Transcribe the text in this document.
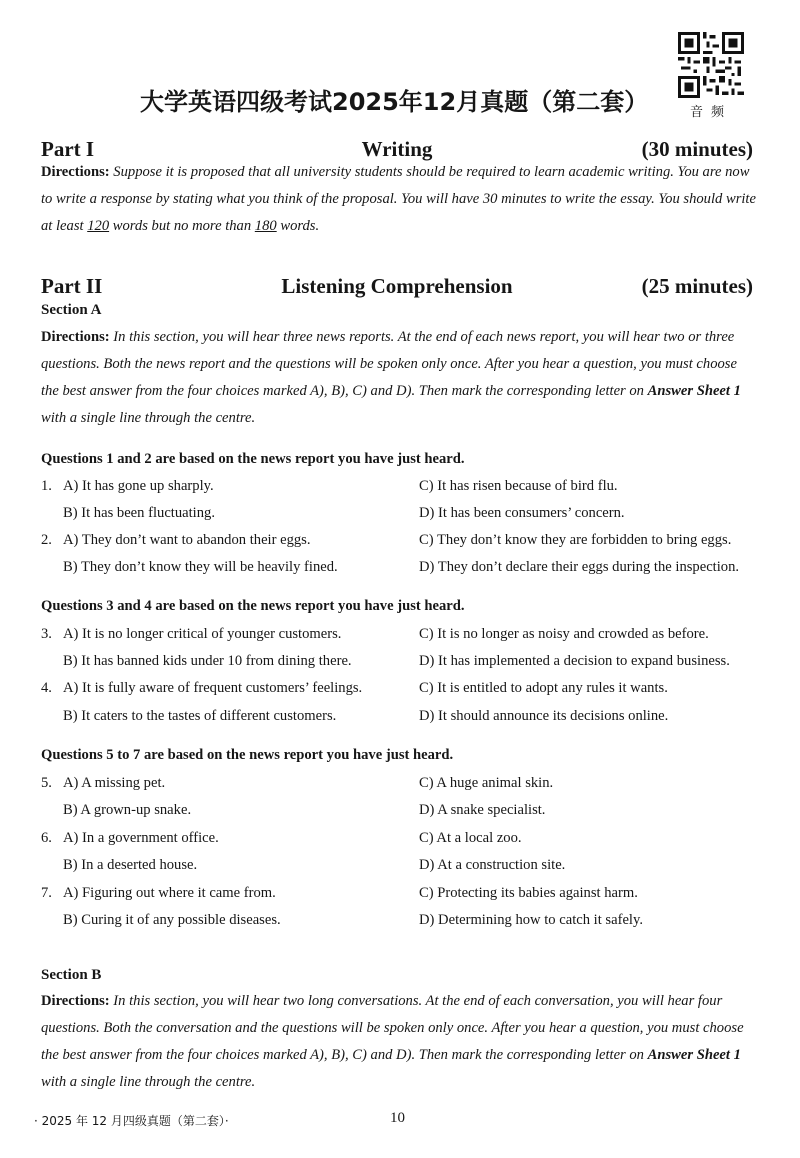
音频
大学英语四级考试2025年12月真题（第二套）
Writing
Part I	(30 minutes)
Directions: Suppose it is proposed that all university students should be required to learn academic writing. You are now to write a response by stating what you think of the proposal. You will have 30 minutes to write the essay. You should write at least 120 words but no more than 180 words.
Listening Comprehension
Part II	(25 minutes)
Section A
Directions: In this section, you will hear three news reports. At the end of each news report, you will hear two or three questions. Both the news report and the questions will be spoken only once. After you hear a question, you must choose the best answer from the four choices marked A), B), C) and D). Then mark the corresponding letter on Answer Sheet 1 with a single line through the centre.
Questions 1 and 2 are based on the news report you have just heard.
1. A) It has gone up sharply.	C) It has risen because of bird flu.
B) It has been fluctuating.	D) It has been consumers’ concern.
2. A) They don’t want to abandon their eggs.	C) They don’t know they are forbidden to bring eggs.
B) They don’t know they will be heavily fined.	D) They don’t declare their eggs during the inspection.
Questions 3 and 4 are based on the news report you have just heard.
3. A) It is no longer critical of younger customers.	C) It is no longer as noisy and crowded as before.
B) It has banned kids under 10 from dining there.	D) It has implemented a decision to expand business.
4. A) It is fully aware of frequent customers’ feelings.	C) It is entitled to adopt any rules it wants.
B) It caters to the tastes of different customers.	D) It should announce its decisions online.
Questions 5 to 7 are based on the news report you have just heard.
5. A) A missing pet.	C) A huge animal skin.
B) A grown-up snake.	D) A snake specialist.
6. A) In a government office.	C) At a local zoo.
B) In a deserted house.	D) At a construction site.
7. A) Figuring out where it came from.	C) Protecting its babies against harm.
B) Curing it of any possible diseases.	D) Determining how to catch it safely.
Section B
Directions: In this section, you will hear two long conversations. At the end of each conversation, you will hear four questions. Both the conversation and the questions will be spoken only once. After you hear a question, you must choose the best answer from the four choices marked A), B), C) and D). Then mark the corresponding letter on Answer Sheet 1 with a single line through the centre.
· 2025 年 12 月四级真题（第二套）·	10
